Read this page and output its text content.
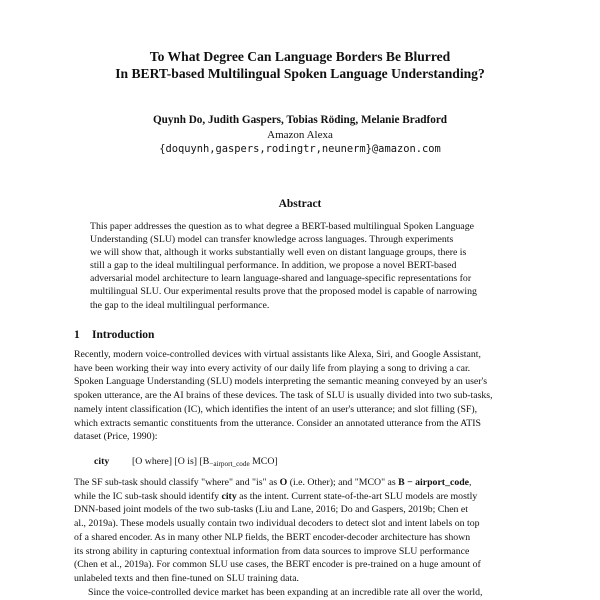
To What Degree Can Language Borders Be Blurred
In BERT-based Multilingual Spoken Language Understanding?
Quynh Do, Judith Gaspers, Tobias Röding, Melanie Bradford
Amazon Alexa
{doquynh,gaspers,rodingtr,neunerm}@amazon.com
Abstract
This paper addresses the question as to what degree a BERT-based multilingual Spoken Language
Understanding (SLU) model can transfer knowledge across languages. Through experiments
we will show that, although it works substantially well even on distant language groups, there is
still a gap to the ideal multilingual performance. In addition, we propose a novel BERT-based
adversarial model architecture to learn language-shared and language-specific representations for
multilingual SLU. Our experimental results prove that the proposed model is capable of narrowing
the gap to the ideal multilingual performance.
1 Introduction
Recently, modern voice-controlled devices with virtual assistants like Alexa, Siri, and Google Assistant,
have been working their way into every activity of our daily life from playing a song to driving a car.
Spoken Language Understanding (SLU) models interpreting the semantic meaning conveyed by an user's
spoken utterance, are the AI brains of these devices. The task of SLU is usually divided into two sub-tasks,
namely intent classification (IC), which identifies the intent of an user's utterance; and slot filling (SF),
which extracts semantic constituents from the utterance. Consider an annotated utterance from the ATIS
dataset (Price, 1990):
city [O where] [O is] [$B_{-airport\_code}$ MCO]
The SF sub-task should classify "where" and "is" as O (i.e. Other); and "MCO" as B − airport_code,
while the IC sub-task should identify city as the intent. Current state-of-the-art SLU models are mostly
DNN-based joint models of the two sub-tasks (Liu and Lane, 2016; Do and Gaspers, 2019b; Chen et
al., 2019a). These models usually contain two individual decoders to detect slot and intent labels on top
of a shared encoder. As in many other NLP fields, the BERT encoder-decoder architecture has shown
its strong ability in capturing contextual information from data sources to improve SLU performance
(Chen et al., 2019a). For common SLU use cases, the BERT encoder is pre-trained on a huge amount of
unlabeled texts and then fine-tuned on SLU training data.
Since the voice-controlled device market has been expanding at an incredible rate all over the world,
